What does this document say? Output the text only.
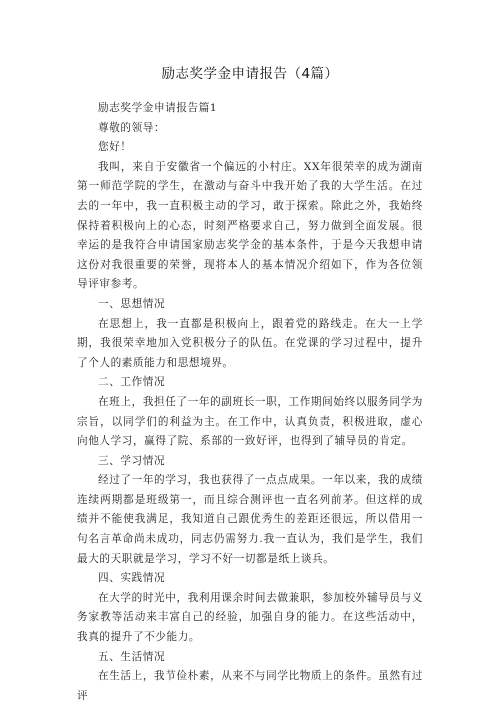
励志奖学金申请报告（4篇）

励志奖学金申请报告篇1

尊敬的领导：

您好！

我叫，来自于安徽省一个偏远的小村庄。XX年很荣幸的成为湖南第一师范学院的学生，在激动与奋斗中我开始了我的大学生活。在过去的一年中，我一直积极主动的学习，敢于探索。除此之外，我始终保持着积极向上的心态，时刻严格要求自己，努力做到全面发展。很幸运的是我符合申请国家励志奖学金的基本条件，于是今天我想申请这份对我很重要的荣誉，现将本人的基本情况介绍如下，作为各位领导评审参考。

一、思想情况

在思想上，我一直都是积极向上，跟着党的路线走。在大一上学期，我很荣幸地加入党积极分子的队伍。在党课的学习过程中，提升了个人的素质能力和思想境界。

二、工作情况

在班上，我担任了一年的副班长一职，工作期间始终以服务同学为宗旨，以同学们的利益为主。在工作中，认真负责，积极进取，虚心向他人学习，赢得了院、系部的一致好评，也得到了辅导员的肯定。

三、学习情况

经过了一年的学习，我也获得了一点点成果。一年以来，我的成绩连续两期都是班级第一，而且综合测评也一直名列前茅。但这样的成绩并不能使我满足，我知道自己跟优秀生的差距还很远，所以借用一句名言革命尚未成功，同志仍需努力.我一直认为，我们是学生，我们最大的天职就是学习，学习不好一切都是纸上谈兵。

四、实践情况

在大学的时光中，我利用课余时间去做兼职，参加校外辅导员与义务家教等活动来丰富自己的经验，加强自身的能力。在这些活动中，我真的提升了不少能力。

五、生活情况

在生活上，我节俭朴素，从来不与同学比物质上的条件。虽然有过评
